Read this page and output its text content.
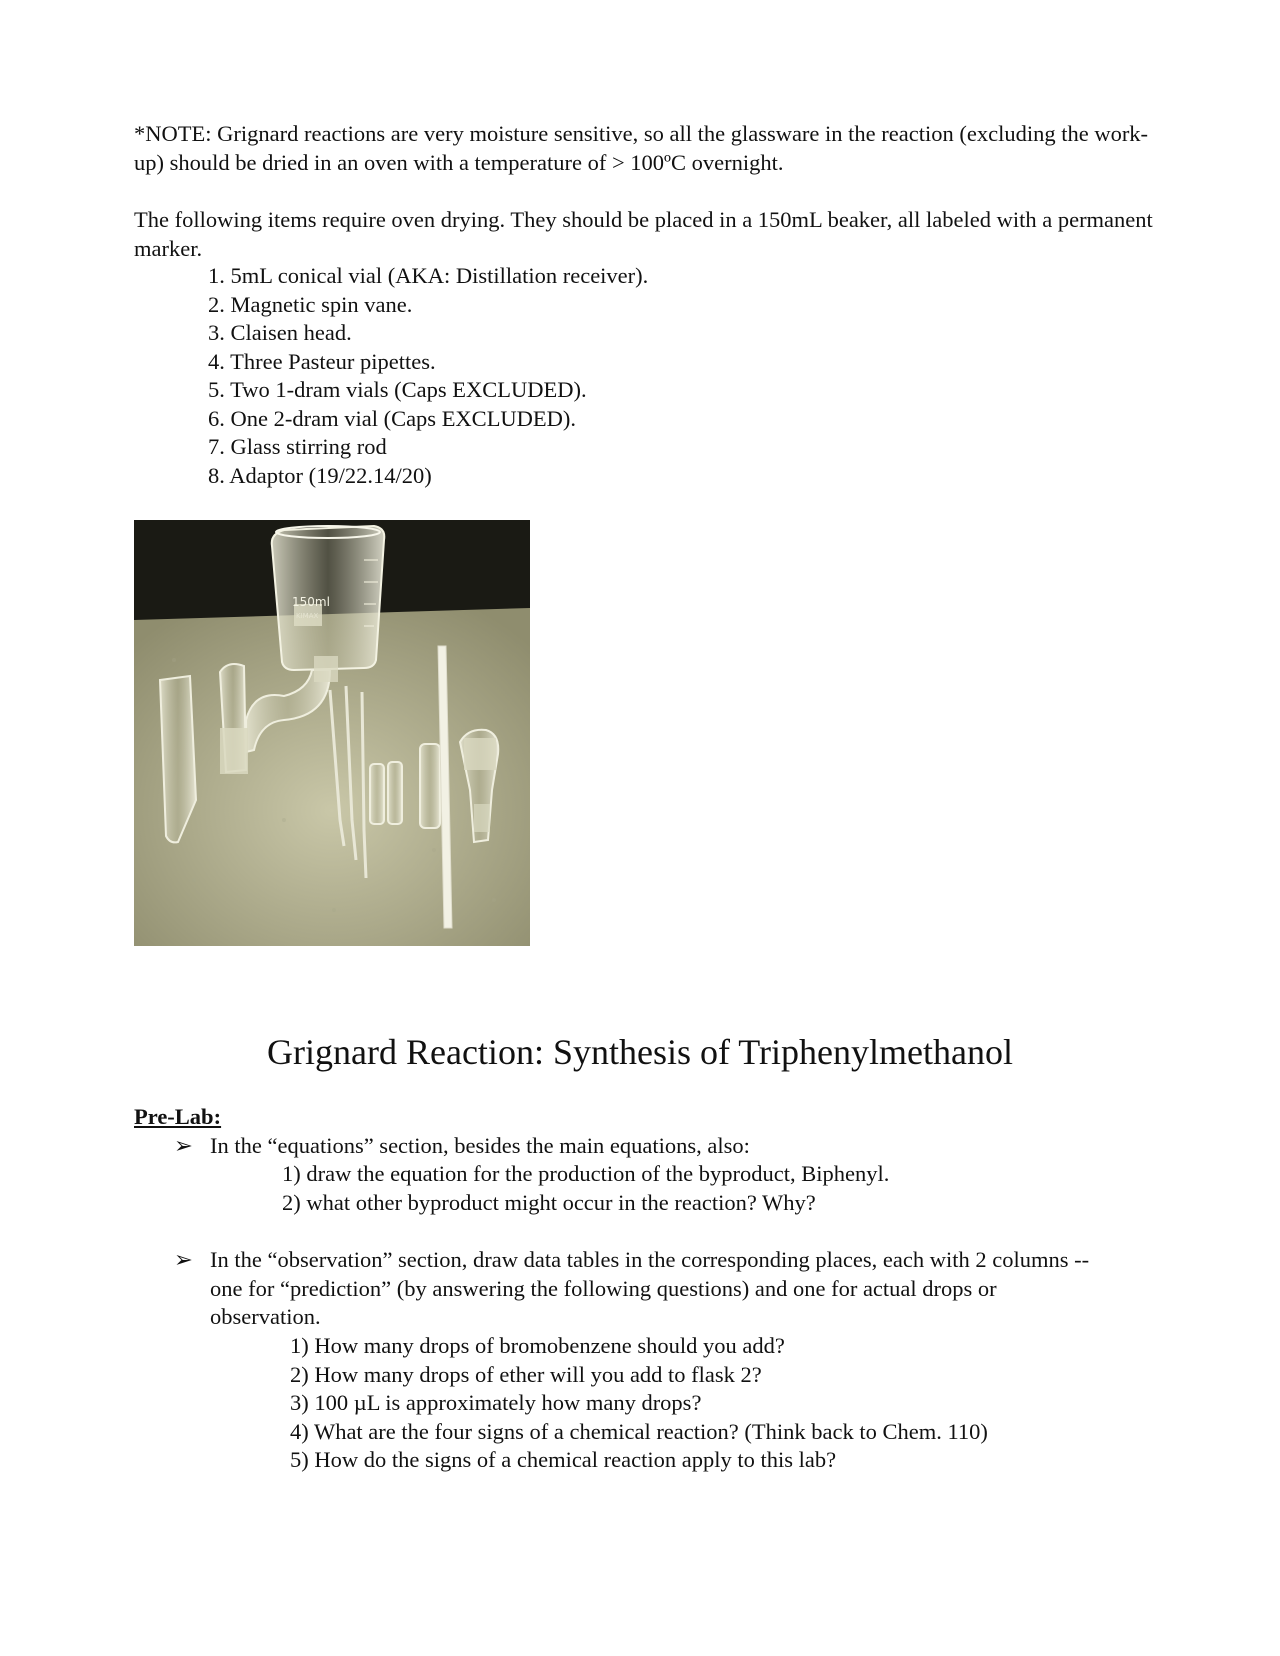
*NOTE: Grignard reactions are very moisture sensitive, so all the glassware in the reaction (excluding the work-up) should be dried in an oven with a temperature of > 100ºC overnight.

The following items require oven drying. They should be placed in a 150mL beaker, all labeled with a permanent marker.

1. 5mL conical vial (AKA: Distillation receiver).
2. Magnetic spin vane.
3. Claisen head.
4. Three Pasteur pipettes.
5. Two 1-dram vials (Caps EXCLUDED).
6. One 2-dram vial (Caps EXCLUDED).
7. Glass stirring rod
8. Adaptor (19/22.14/20)
150ml
KIMAX
Grignard Reaction: Synthesis of Triphenylmethanol
Pre-Lab:
➢ In the “equations” section, besides the main equations, also:

1) draw the equation for the production of the byproduct, Biphenyl.
2) what other byproduct might occur in the reaction? Why?
➢ In the “observation” section, draw data tables in the corresponding places, each with 2 columns -- one for “prediction” (by answering the following questions) and one for actual drops or observation.

1) How many drops of bromobenzene should you add?
2) How many drops of ether will you add to flask 2?
3) 100 µL is approximately how many drops?
4) What are the four signs of a chemical reaction? (Think back to Chem. 110)
5) How do the signs of a chemical reaction apply to this lab?
